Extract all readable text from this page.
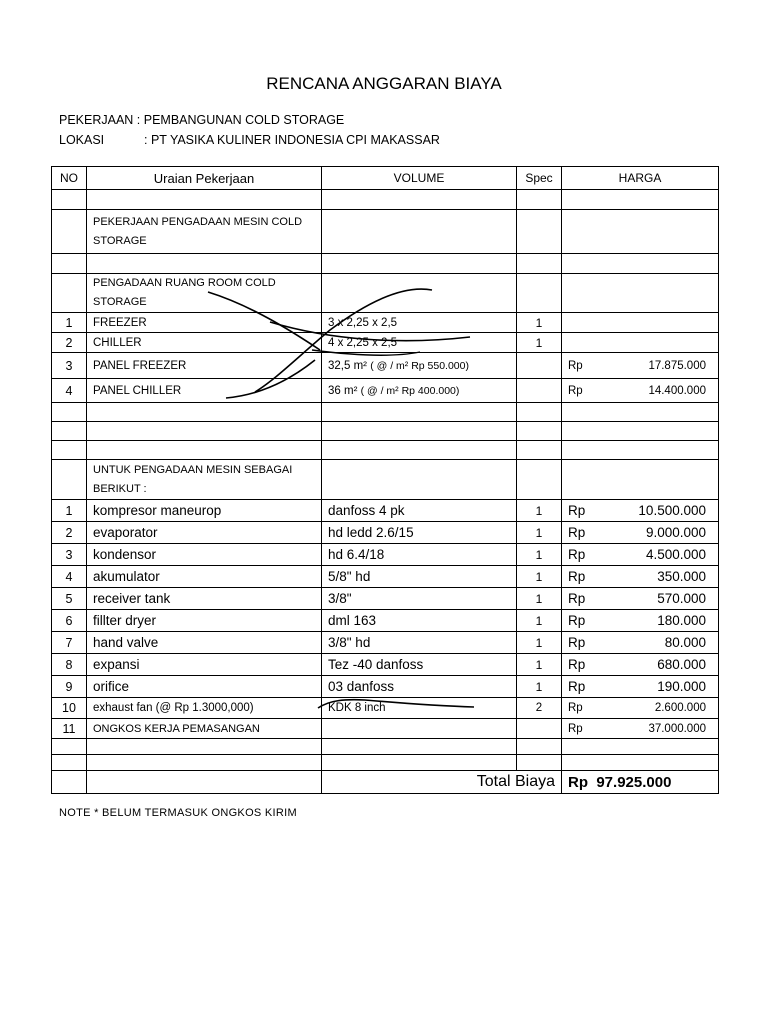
RENCANA ANGGARAN BIAYA
PEKERJAAN : PEMBANGUNAN COLD STORAGE
LOKASI	: PT YASIKA KULINER INDONESIA CPI MAKASSAR
NO	Uraian Pekerjaan	VOLUME	Spec	HARGA

	PEKERJAAN PENGADAAN MESIN COLD STORAGE			

	PENGADAAN RUANG ROOM COLD STORAGE			
1	FREEZER	3 x 2,25 x 2,5	1	
2	CHILLER	4 x 2,25 x 2,5	1	
3	PANEL FREEZER	32,5 m² ( @ / m² Rp 550.000)		Rp 17.875.000

4	PANEL CHILLER	36 m² ( @ / m² Rp 400.000)		Rp 14.400.000

	UNTUK PENGADAAN MESIN SEBAGAI BERIKUT :			
1	kompresor maneurop	danfoss 4 pk	1	Rp 10.500.000

2	evaporator	hd ledd 2.6/15	1	Rp 9.000.000

3	kondensor	hd 6.4/18	1	Rp 4.500.000

4	akumulator	5/8" hd	1	Rp 350.000

5	receiver tank	3/8"	1	Rp 570.000

6	fillter dryer	dml 163	1	Rp 180.000

7	hand valve	3/8" hd	1	Rp 80.000

8	expansi	Tez -40 danfoss	1	Rp 680.000

9	orifice	03 danfoss	1	Rp 190.000

10	exhaust fan (@ Rp 1.3000,000)	KDK 8 inch	2	Rp 2.600.000

11	ONGKOS KERJA PEMASANGAN			Rp 37.000.000

		Total Biaya		Rp 97.925.000
NOTE * BELUM TERMASUK ONGKOS KIRIM
